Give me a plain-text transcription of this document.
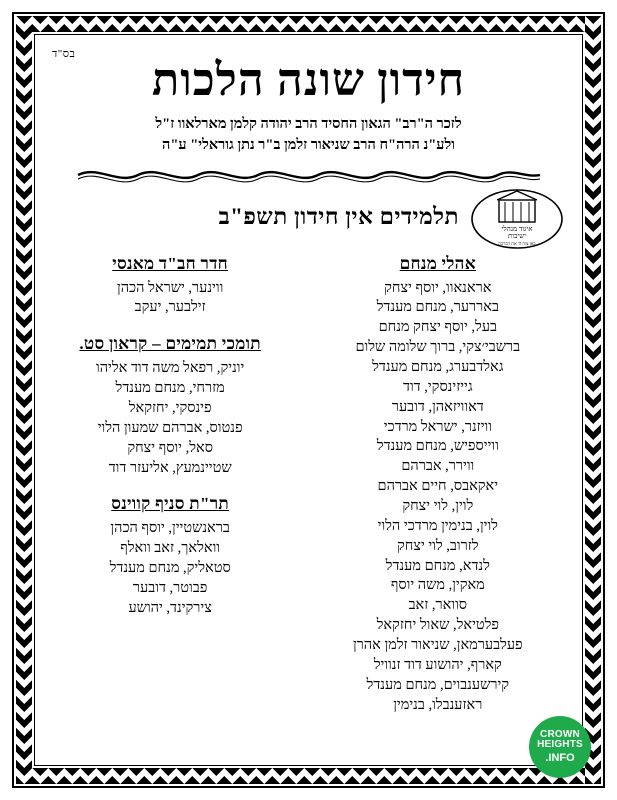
בס"ד
חידון שונה הלכות
לזכר ה"רב" הגאון החסיד הרב יהודה קלמן מארלאוו ז"ל
ולע"נ הרה"ח הרב שניאור זלמן ב"ר נתן גוראלי" ע"ה
תלמידים אין חידון תשפ"ב	איגוד מנהלי
ישיבות
כאן צוה ה' את הברכה
אהלי מנחם
אראנאוו, יוסף יצחק
באררער, מנחם מענדל
בעל, יוסף יצחק מנחם
ברשבי׳צקי, ברוך שלומה שלום
גאלדבערג, מנחם מענדל
גייזינסקי, דוד
דאוויזאהן, דובער
וויזנר, ישראל מרדכי
ווייספיש, מנחם מענדל
ווירר, אברהם
יאקאבס, חיים אברהם
לוין, לוי יצחק
לוין, בנימין מרדכי הלוי
לזרוב, לוי יצחק
לנדא, מנחם מענדל
מאקין, משה יוסף
סוואר, זאב
פלטיאל, שאול יחזקאל
פעלבערמאן, שניאור זלמן אהרן
קארף, יהושוע דוד זנוויל
קירשענבוים, מנחם מענדל
ראזענבלו, בנימין
חדר חב"ד מאנסי
ווינער, ישראל הכהן
זילבער, יעקב
תומכי תמימים – קראון סט.
יוניק, רפאל משה דוד אליהו
מזרחי, מנחם מענדל
פינסקי, יחזקאל
פנטוס, אברהם שמעון הלוי
סאל, יוסף יצחק
שטיינמעץ, אליעזר דוד
תר"ת סניף קווינס
בראנשטיין, יוסף הכהן
וואלאך, זאב וואלף
סטאליק, מנחם מענדל
פבוטר, דובער
צירקינד, יהושע
CROWN
HEIGHTS
.INFO
